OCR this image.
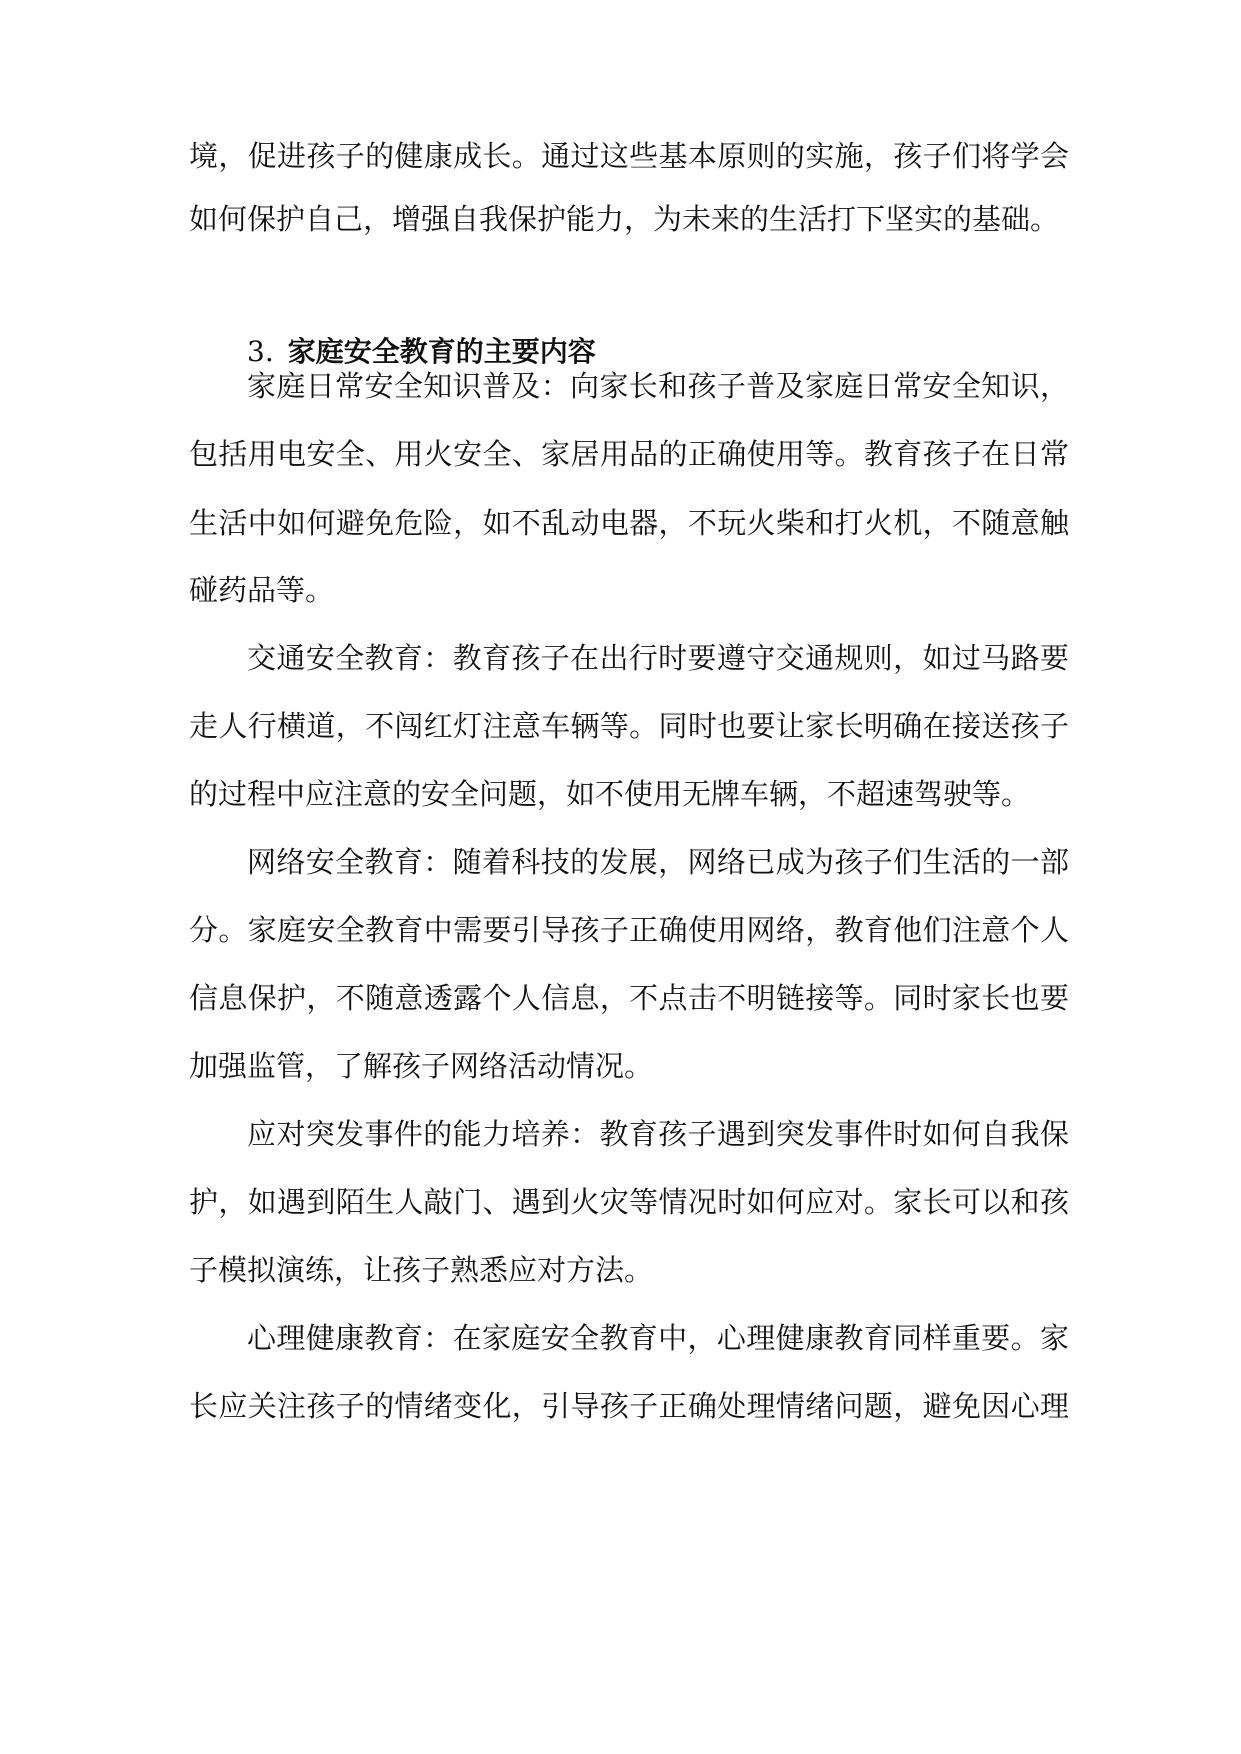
境，促进孩子的健康成长。通过这些基本原则的实施，孩子们将学会
如何保护自己，增强自我保护能力，为未来的生活打下坚实的基础。
3. 家庭安全教育的主要内容
家庭日常安全知识普及：向家长和孩子普及家庭日常安全知识，
包括用电安全、用火安全、家居用品的正确使用等。教育孩子在日常
生活中如何避免危险，如不乱动电器，不玩火柴和打火机，不随意触
碰药品等。
交通安全教育：教育孩子在出行时要遵守交通规则，如过马路要
走人行横道，不闯红灯注意车辆等。同时也要让家长明确在接送孩子
的过程中应注意的安全问题，如不使用无牌车辆，不超速驾驶等。
网络安全教育：随着科技的发展，网络已成为孩子们生活的一部
分。家庭安全教育中需要引导孩子正确使用网络，教育他们注意个人
信息保护，不随意透露个人信息，不点击不明链接等。同时家长也要
加强监管，了解孩子网络活动情况。
应对突发事件的能力培养：教育孩子遇到突发事件时如何自我保
护，如遇到陌生人敲门、遇到火灾等情况时如何应对。家长可以和孩
子模拟演练，让孩子熟悉应对方法。
心理健康教育：在家庭安全教育中，心理健康教育同样重要。家
长应关注孩子的情绪变化，引导孩子正确处理情绪问题，避免因心理
